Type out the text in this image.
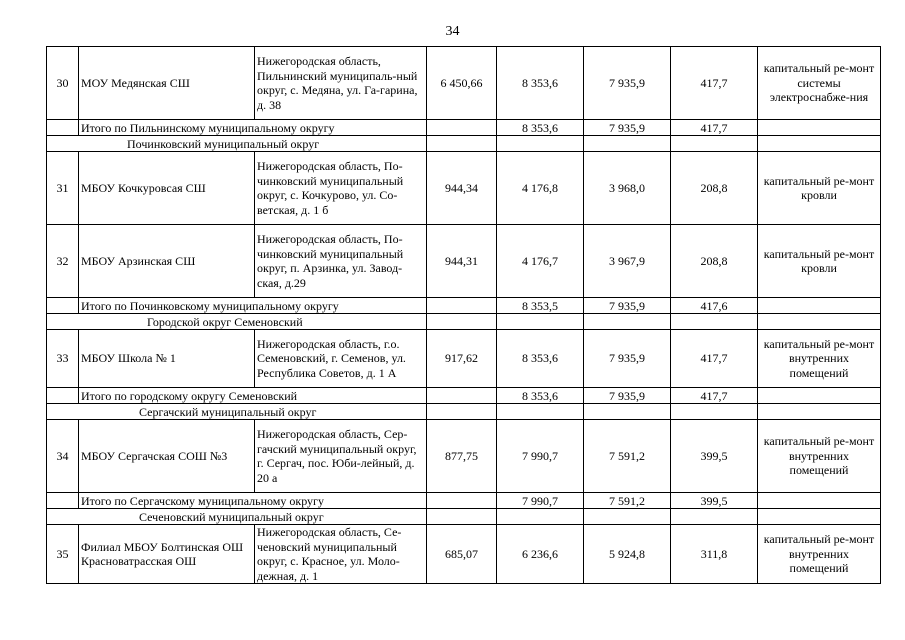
34
30	МОУ Медянская СШ	Нижегородская область, Пильнинский муниципаль-ный округ, с. Медяна, ул. Га-гарина, д. 38	6 450,66	8 353,6	7 935,9	417,7	капитальный ре-монт системы электроснабже-ния
	Итого по Пильнинскому муниципальному округу			8 353,6	7 935,9	417,7	
Починковский муниципальный округ							
31	МБОУ Кочкуровсая СШ	Нижегородская область, По-чинковский муниципальный округ, с. Кочкурово, ул. Со-ветская, д. 1 б	944,34	4 176,8	3 968,0	208,8	капитальный ре-монт кровли
32	МБОУ Арзинская СШ	Нижегородская область, По-чинковский муниципальный округ, п. Арзинка, ул. Завод-ская, д.29	944,31	4 176,7	3 967,9	208,8	капитальный ре-монт кровли
	Итого по Починковскому муниципальному округу			8 353,5	7 935,9	417,6	
Городской округ Семеновский							
33	МБОУ Школа № 1	Нижегородская область, г.о. Семеновский, г. Семенов, ул. Республика Советов, д. 1 А	917,62	8 353,6	7 935,9	417,7	капитальный ре-монт внутренних помещений
	Итого по городскому округу Семеновский			8 353,6	7 935,9	417,7	
Сергачский муниципальный округ							
34	МБОУ Сергачская СОШ №3	Нижегородская область, Сер-гачский муниципальный округ, г. Сергач, пос. Юби-лейный, д. 20 а	877,75	7 990,7	7 591,2	399,5	капитальный ре-монт внутренних помещений
	Итого по Сергачскому муниципальному округу			7 990,7	7 591,2	399,5	
Сеченовский муниципальный округ							
35	Филиал МБОУ Болтинская ОШ Красноватрасская ОШ	Нижегородская область, Се-ченовский муниципальный округ, с. Красное, ул. Моло-дежная, д. 1	685,07	6 236,6	5 924,8	311,8	капитальный ре-монт внутренних помещений
